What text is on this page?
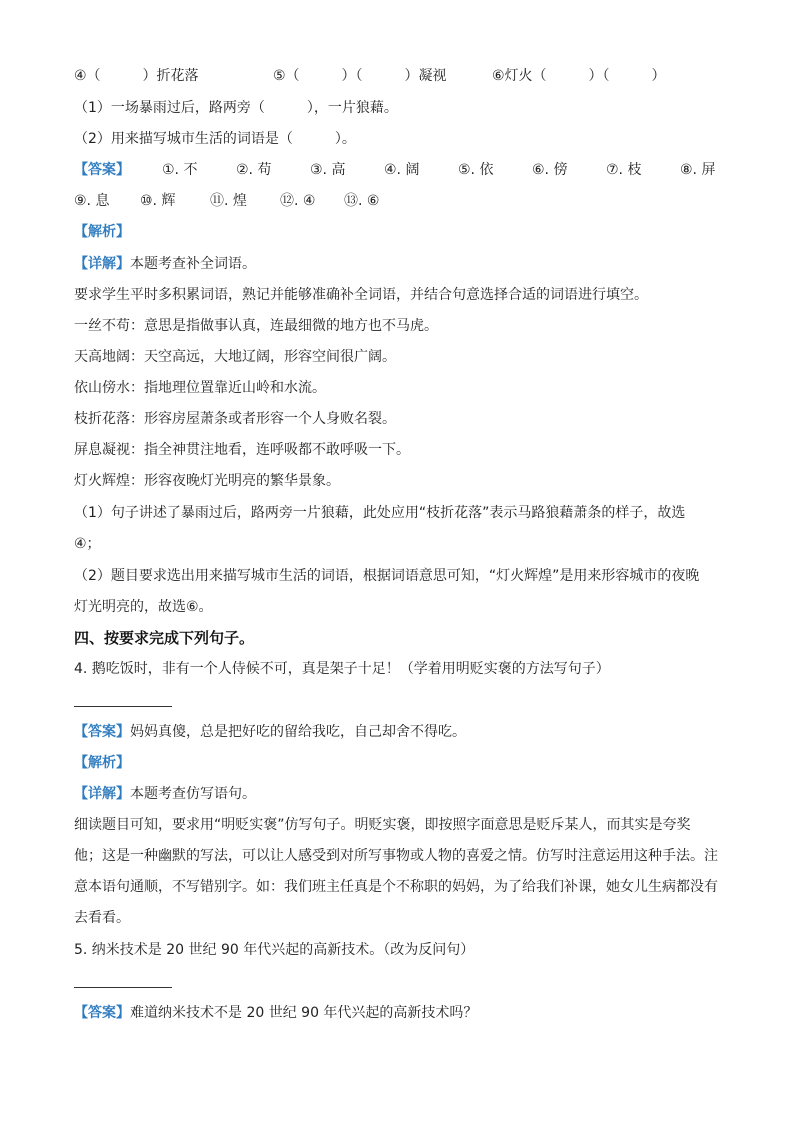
④（　　　）折花落	⑤（　　　）（　　　）凝视	⑥灯火（　　　）（　　　）
（1）一场暴雨过后，路两旁（　　　），一片狼藉。
（2）用来描写城市生活的词语是（　　　）。
【答案】 ①. 不	②. 苟	③. 高	④. 阔	⑤. 依	⑥. 傍	⑦. 枝	⑧. 屏
⑨. 息 ⑩. 辉 ⑪. 煌 ⑫. ④ ⑬. ⑥
【解析】
【详解】本题考查补全词语。
要求学生平时多积累词语，熟记并能够准确补全词语，并结合句意选择合适的词语进行填空。
一丝不苟：意思是指做事认真，连最细微的地方也不马虎。
天高地阔：天空高远，大地辽阔，形容空间很广阔。
依山傍水：指地理位置靠近山岭和水流。
枝折花落：形容房屋萧条或者形容一个人身败名裂。
屏息凝视：指全神贯注地看，连呼吸都不敢呼吸一下。
灯火辉煌：形容夜晚灯光明亮的繁华景象。
（1）句子讲述了暴雨过后，路两旁一片狼藉，此处应用“枝折花落”表示马路狼藉萧条的样子，故选
④；
（2）题目要求选出用来描写城市生活的词语，根据词语意思可知，“灯火辉煌”是用来形容城市的夜晚
灯光明亮的，故选⑥。
四、按要求完成下列句子。
4. 鹅吃饭时，非有一个人侍候不可，真是架子十足！（学着用明贬实褒的方法写句子）
【答案】妈妈真傻，总是把好吃的留给我吃，自己却舍不得吃。
【解析】
【详解】本题考查仿写语句。
细读题目可知，要求用“明贬实褒”仿写句子。明贬实褒，即按照字面意思是贬斥某人，而其实是夸奖
他；这是一种幽默的写法，可以让人感受到对所写事物或人物的喜爱之情。仿写时注意运用这种手法。注
意本语句通顺，不写错别字。如：我们班主任真是个不称职的妈妈，为了给我们补课，她女儿生病都没有
去看看。
5. 纳米技术是 20 世纪 90 年代兴起的高新技术。（改为反问句）
【答案】难道纳米技术不是 20 世纪 90 年代兴起的高新技术吗？
